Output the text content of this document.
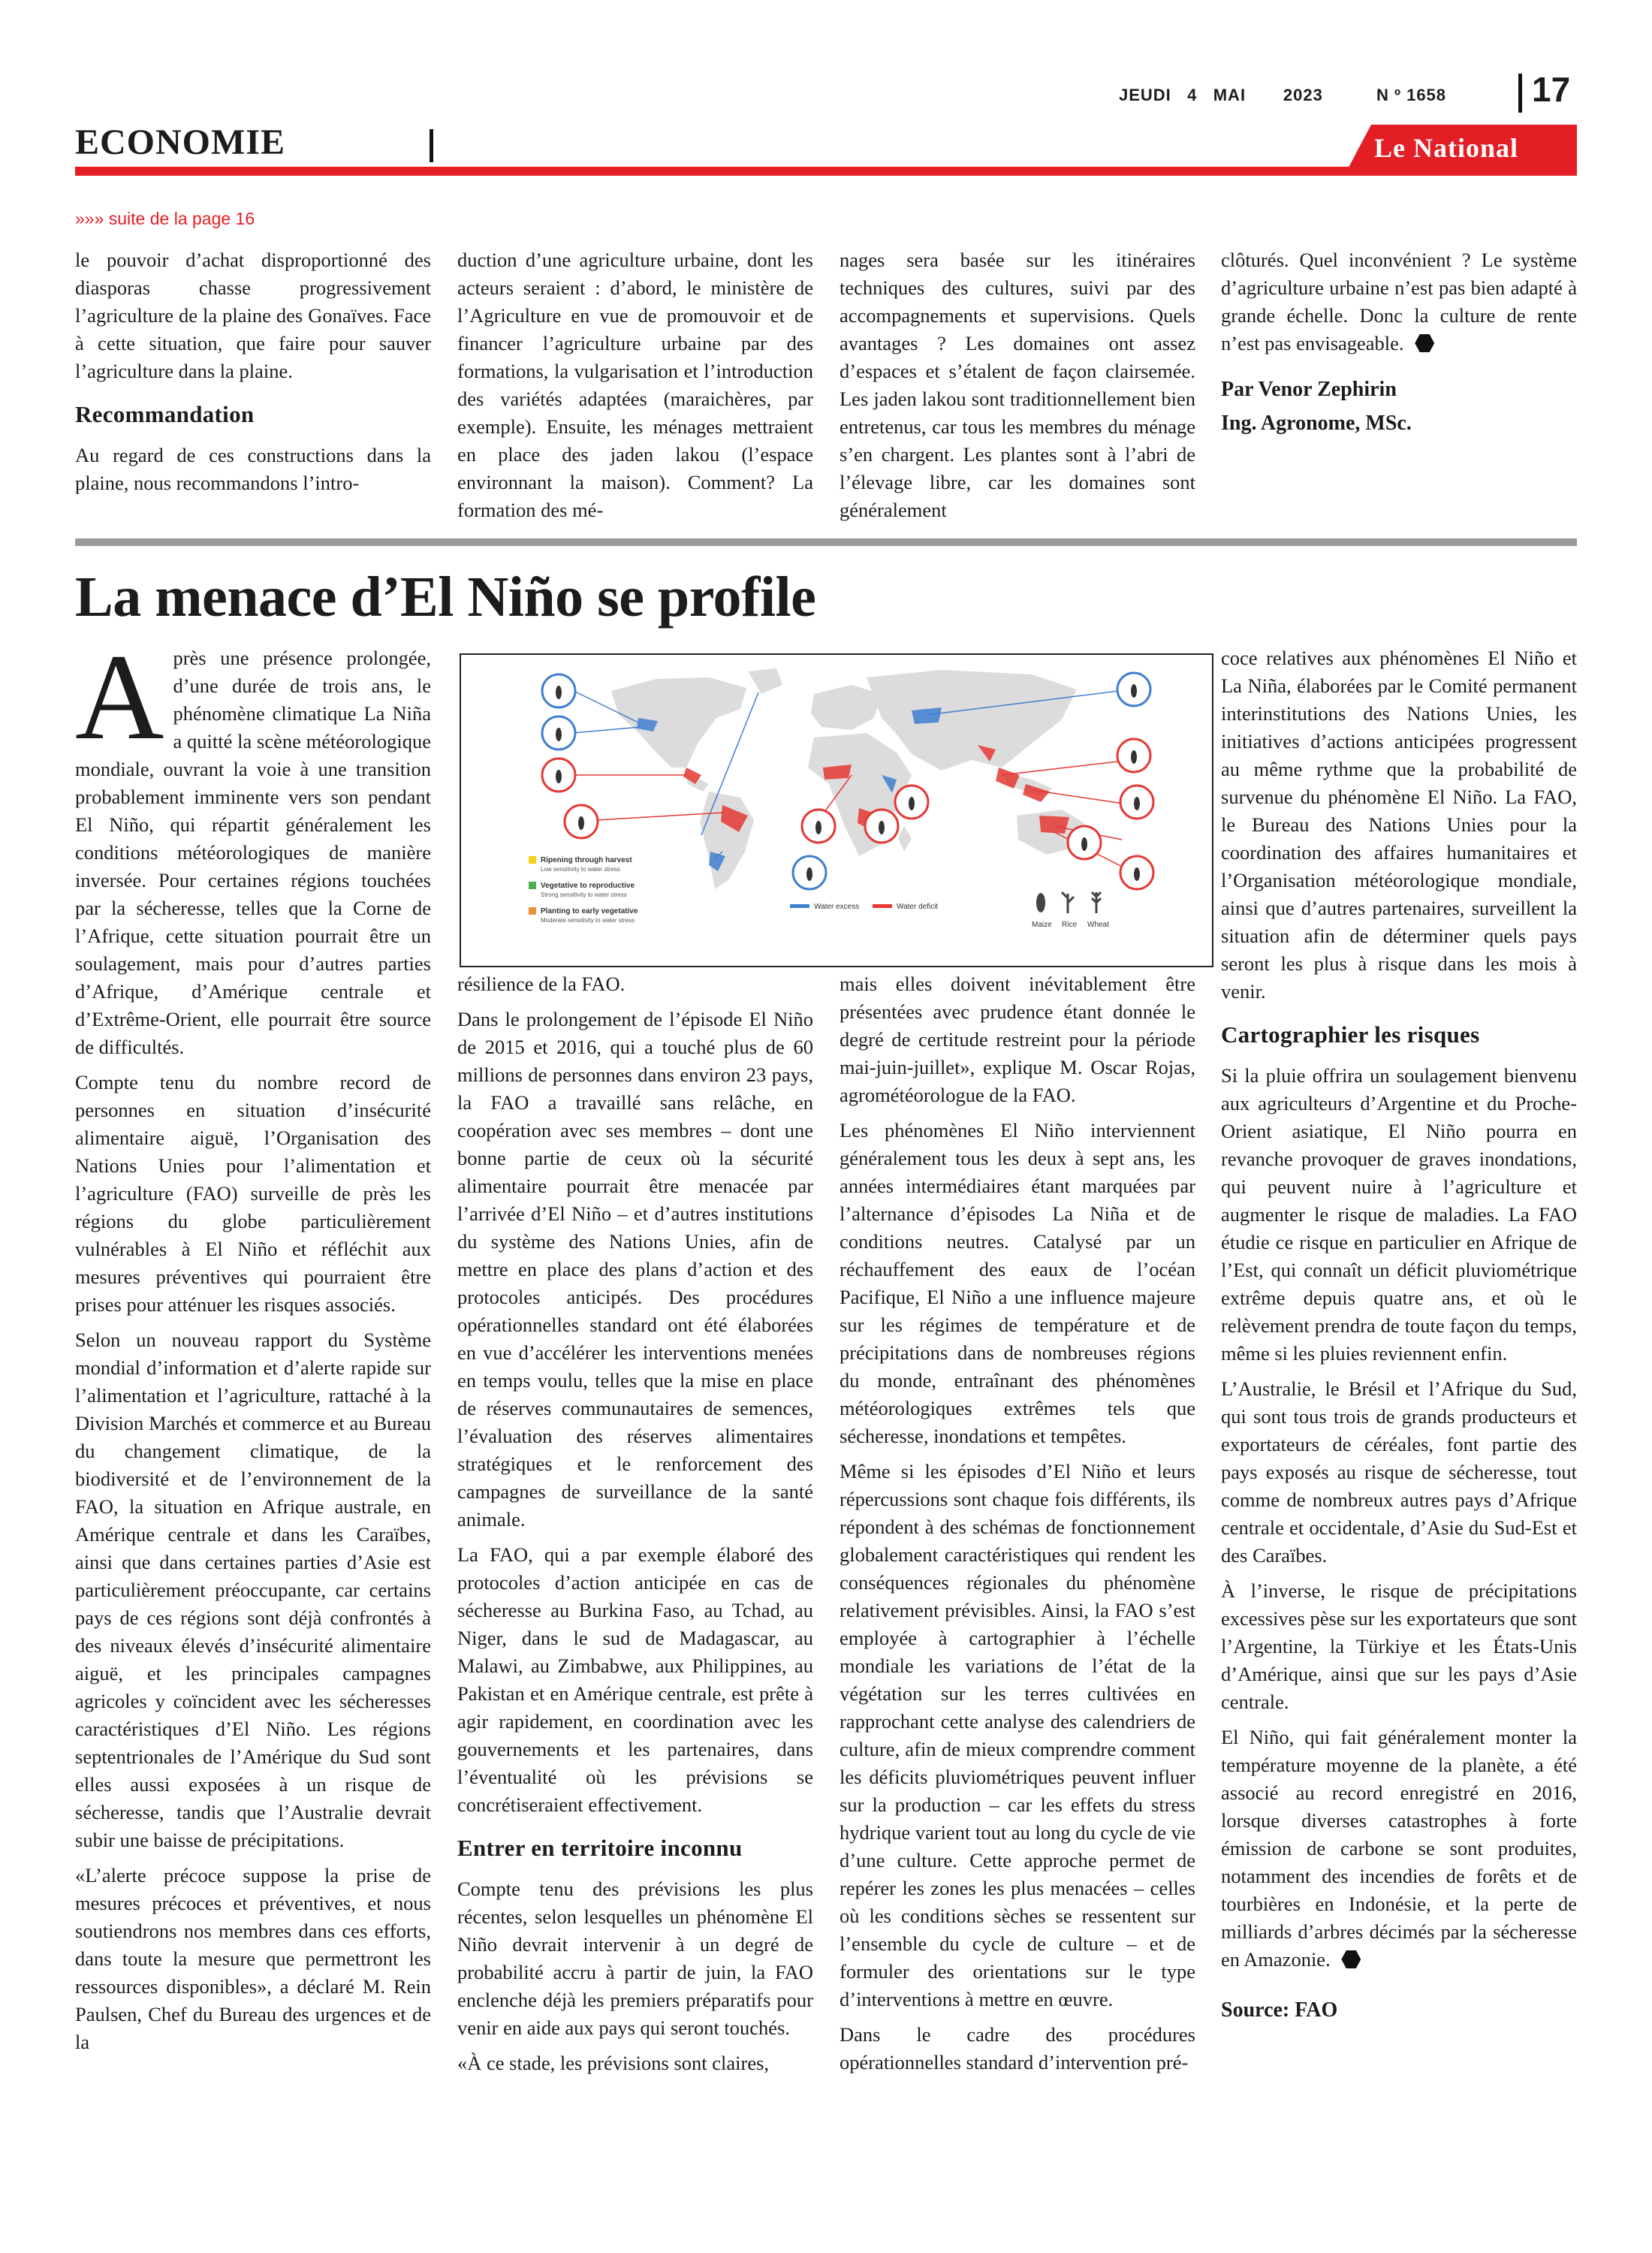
JEUDI 4 MAI 2023	N º 1658 17
ECONOMIE	Le National
»»» suite de la page 16

le pouvoir d’achat disproportionné des diasporas chasse progressivement l’agriculture de la plaine des Gonaïves. Face à cette situation, que faire pour sauver l’agriculture dans la plaine.

Recommandation

Au regard de ces constructions dans la plaine, nous recommandons l’intro-

duction d’une agriculture urbaine, dont les acteurs seraient : d’abord, le ministère de l’Agriculture en vue de promouvoir et de financer l’agriculture urbaine par des formations, la vulgarisation et l’introduction des variétés adaptées (maraichères, par exemple). Ensuite, les ménages mettraient en place des jaden lakou (l’espace environnant la maison). Comment? La formation des mé-

nages sera basée sur les itinéraires techniques des cultures, suivi par des accompagnements et supervisions. Quels avantages ? Les domaines ont assez d’espaces et s’étalent de façon clairsemée. Les jaden lakou sont traditionnellement bien entretenus, car tous les membres du ménage s’en chargent. Les plantes sont à l’abri de l’élevage libre, car les domaines sont généralement

clôturés. Quel inconvénient ? Le système d’agriculture urbaine n’est pas bien adapté à grande échelle. Donc la culture de rente n’est pas envisageable.

Par Venor Zephirin
Ing. Agronome, MSc.
La menace d’El Niño se profile

Après une présence prolongée, d’une durée de trois ans, le phénomène climatique La Niña a quitté la scène météorologique mondiale, ouvrant la voie à une transition probablement imminente vers son pendant El Niño, qui répartit généralement les conditions météorologiques de manière inversée. Pour certaines régions touchées par la sécheresse, telles que la Corne de l’Afrique, cette situation pourrait être un soulagement, mais pour d’autres parties d’Afrique, d’Amérique centrale et d’Extrême-Orient, elle pourrait être source de difficultés.

Compte tenu du nombre record de personnes en situation d’insécurité alimentaire aiguë, l’Organisation des Nations Unies pour l’alimentation et l’agriculture (FAO) surveille de près les régions du globe particulièrement vulnérables à El Niño et réfléchit aux mesures préventives qui pourraient être prises pour atténuer les risques associés.

Selon un nouveau rapport du Système mondial d’information et d’alerte rapide sur l’alimentation et l’agriculture, rattaché à la Division Marchés et commerce et au Bureau du changement climatique, de la biodiversité et de l’environnement de la FAO, la situation en Afrique australe, en Amérique centrale et dans les Caraïbes, ainsi que dans certaines parties d’Asie est particulièrement préoccupante, car certains pays de ces régions sont déjà confrontés à des niveaux élevés d’insécurité alimentaire aiguë, et les principales campagnes agricoles y coïncident avec les sécheresses caractéristiques d’El Niño. Les régions septentrionales de l’Amérique du Sud sont elles aussi exposées à un risque de sécheresse, tandis que l’Australie devrait subir une baisse de précipitations.

«L’alerte précoce suppose la prise de mesures précoces et préventives, et nous soutiendrons nos membres dans ces efforts, dans toute la mesure que permettront les ressources disponibles», a déclaré M. Rein Paulsen, Chef du Bureau des urgences et de la

Ripening through harvest
Low sensitivity to water stress
Vegetative to reproductive
Strong sensitivity to water stress
Planting to early vegetative
Moderate sensitivity to water stress
Water excess	Water deficit
Maize Rice Wheat

résilience de la FAO.

Dans le prolongement de l’épisode El Niño de 2015 et 2016, qui a touché plus de 60 millions de personnes dans environ 23 pays, la FAO a travaillé sans relâche, en coopération avec ses membres – dont une bonne partie de ceux où la sécurité alimentaire pourrait être menacée par l’arrivée d’El Niño – et d’autres institutions du système des Nations Unies, afin de mettre en place des plans d’action et des protocoles anticipés. Des procédures opérationnelles standard ont été élaborées en vue d’accélérer les interventions menées en temps voulu, telles que la mise en place de réserves communautaires de semences, l’évaluation des réserves alimentaires stratégiques et le renforcement des campagnes de surveillance de la santé animale.

La FAO, qui a par exemple élaboré des protocoles d’action anticipée en cas de sécheresse au Burkina Faso, au Tchad, au Niger, dans le sud de Madagascar, au Malawi, au Zimbabwe, aux Philippines, au Pakistan et en Amérique centrale, est prête à agir rapidement, en coordination avec les gouvernements et les partenaires, dans l’éventualité où les prévisions se concrétiseraient effectivement.

Entrer en territoire inconnu

Compte tenu des prévisions les plus récentes, selon lesquelles un phénomène El Niño devrait intervenir à un degré de probabilité accru à partir de juin, la FAO enclenche déjà les premiers préparatifs pour venir en aide aux pays qui seront touchés.

«À ce stade, les prévisions sont claires,

mais elles doivent inévitablement être présentées avec prudence étant donnée le degré de certitude restreint pour la période mai-juin-juillet», explique M. Oscar Rojas, agrométéorologue de la FAO.

Les phénomènes El Niño interviennent généralement tous les deux à sept ans, les années intermédiaires étant marquées par l’alternance d’épisodes La Niña et de conditions neutres. Catalysé par un réchauffement des eaux de l’océan Pacifique, El Niño a une influence majeure sur les régimes de température et de précipitations dans de nombreuses régions du monde, entraînant des phénomènes météorologiques extrêmes tels que sécheresse, inondations et tempêtes.

Même si les épisodes d’El Niño et leurs répercussions sont chaque fois différents, ils répondent à des schémas de fonctionnement globalement caractéristiques qui rendent les conséquences régionales du phénomène relativement prévisibles. Ainsi, la FAO s’est employée à cartographier à l’échelle mondiale les variations de l’état de la végétation sur les terres cultivées en rapprochant cette analyse des calendriers de culture, afin de mieux comprendre comment les déficits pluviométriques peuvent influer sur la production – car les effets du stress hydrique varient tout au long du cycle de vie d’une culture. Cette approche permet de repérer les zones les plus menacées – celles où les conditions sèches se ressentent sur l’ensemble du cycle de culture – et de formuler des orientations sur le type d’interventions à mettre en œuvre.

Dans le cadre des procédures opérationnelles standard d’intervention pré-

coce relatives aux phénomènes El Niño et La Niña, élaborées par le Comité permanent interinstitutions des Nations Unies, les initiatives d’actions anticipées progressent au même rythme que la probabilité de survenue du phénomène El Niño. La FAO, le Bureau des Nations Unies pour la coordination des affaires humanitaires et l’Organisation météorologique mondiale, ainsi que d’autres partenaires, surveillent la situation afin de déterminer quels pays seront les plus à risque dans les mois à venir.

Cartographier les risques

Si la pluie offrira un soulagement bienvenu aux agriculteurs d’Argentine et du Proche-Orient asiatique, El Niño pourra en revanche provoquer de graves inondations, qui peuvent nuire à l’agriculture et augmenter le risque de maladies. La FAO étudie ce risque en particulier en Afrique de l’Est, qui connaît un déficit pluviométrique extrême depuis quatre ans, et où le relèvement prendra de toute façon du temps, même si les pluies reviennent enfin.

L’Australie, le Brésil et l’Afrique du Sud, qui sont tous trois de grands producteurs et exportateurs de céréales, font partie des pays exposés au risque de sécheresse, tout comme de nombreux autres pays d’Afrique centrale et occidentale, d’Asie du Sud-Est et des Caraïbes.

À l’inverse, le risque de précipitations excessives pèse sur les exportateurs que sont l’Argentine, la Türkiye et les États-Unis d’Amérique, ainsi que sur les pays d’Asie centrale.

El Niño, qui fait généralement monter la température moyenne de la planète, a été associé au record enregistré en 2016, lorsque diverses catastrophes à forte émission de carbone se sont produites, notamment des incendies de forêts et de tourbières en Indonésie, et la perte de milliards d’arbres décimés par la sécheresse en Amazonie.

Source: FAO
